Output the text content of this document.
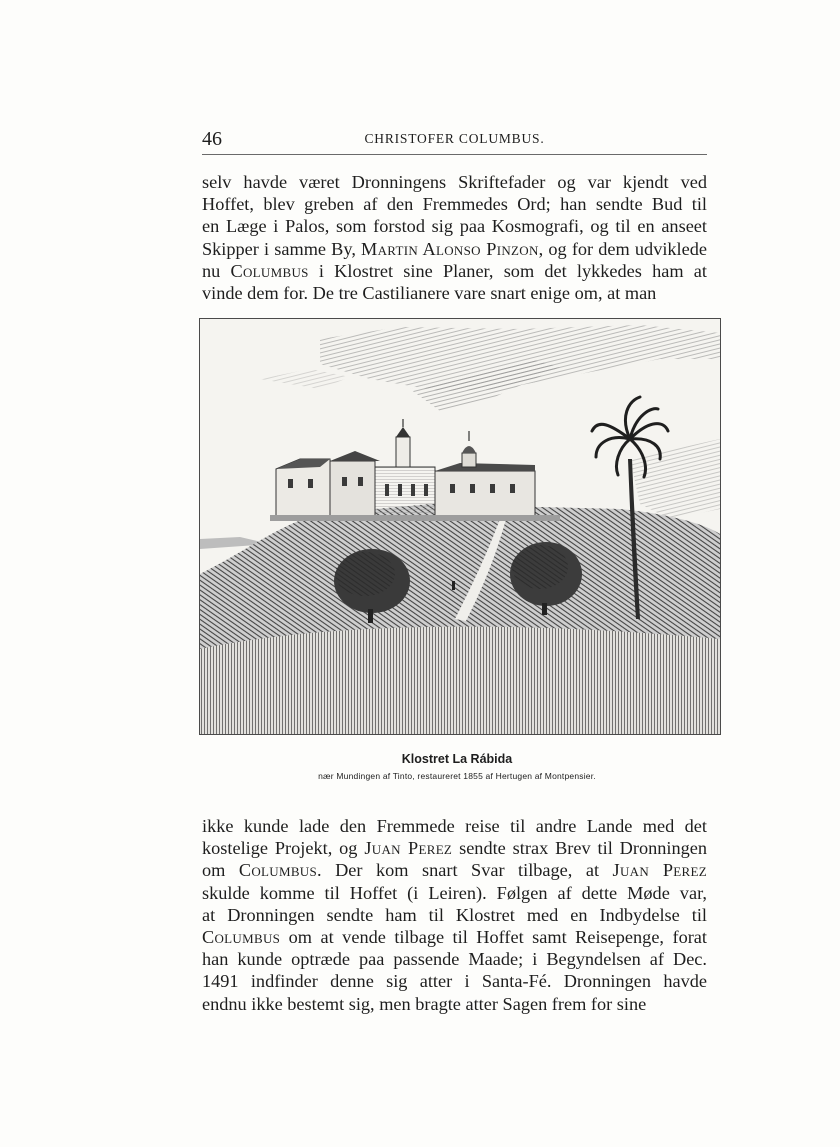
46	CHRISTOFER COLUMBUS.

selv havde været Dronningens Skriftefader og var kjendt ved
Hoffet, blev greben af den Fremmedes Ord; han sendte Bud til
en Læge i Palos, som forstod sig paa Kosmografi, og til en anseet
Skipper i samme By, Martin Alonso Pinzon, og for dem udviklede
nu Columbus i Klostret sine Planer, som det lykkedes ham at
vinde dem for. De tre Castilianere vare snart enige om, at man

Klostret La Rábida
nær Mundingen af Tinto, restaureret 1855 af Hertugen af Montpensier.

ikke kunde lade den Fremmede reise til andre Lande med det
kostelige Projekt, og Juan Perez sendte strax Brev til Dronningen
om Columbus. Der kom snart Svar tilbage, at Juan Perez
skulde komme til Hoffet (i Leiren). Følgen af dette Møde var,
at Dronningen sendte ham til Klostret med en Indbydelse til
Columbus om at vende tilbage til Hoffet samt Reisepenge, forat
han kunde optræde paa passende Maade; i Begyndelsen af Dec.
1491 indfinder denne sig atter i Santa-Fé. Dronningen havde
endnu ikke bestemt sig, men bragte atter Sagen frem for sine
